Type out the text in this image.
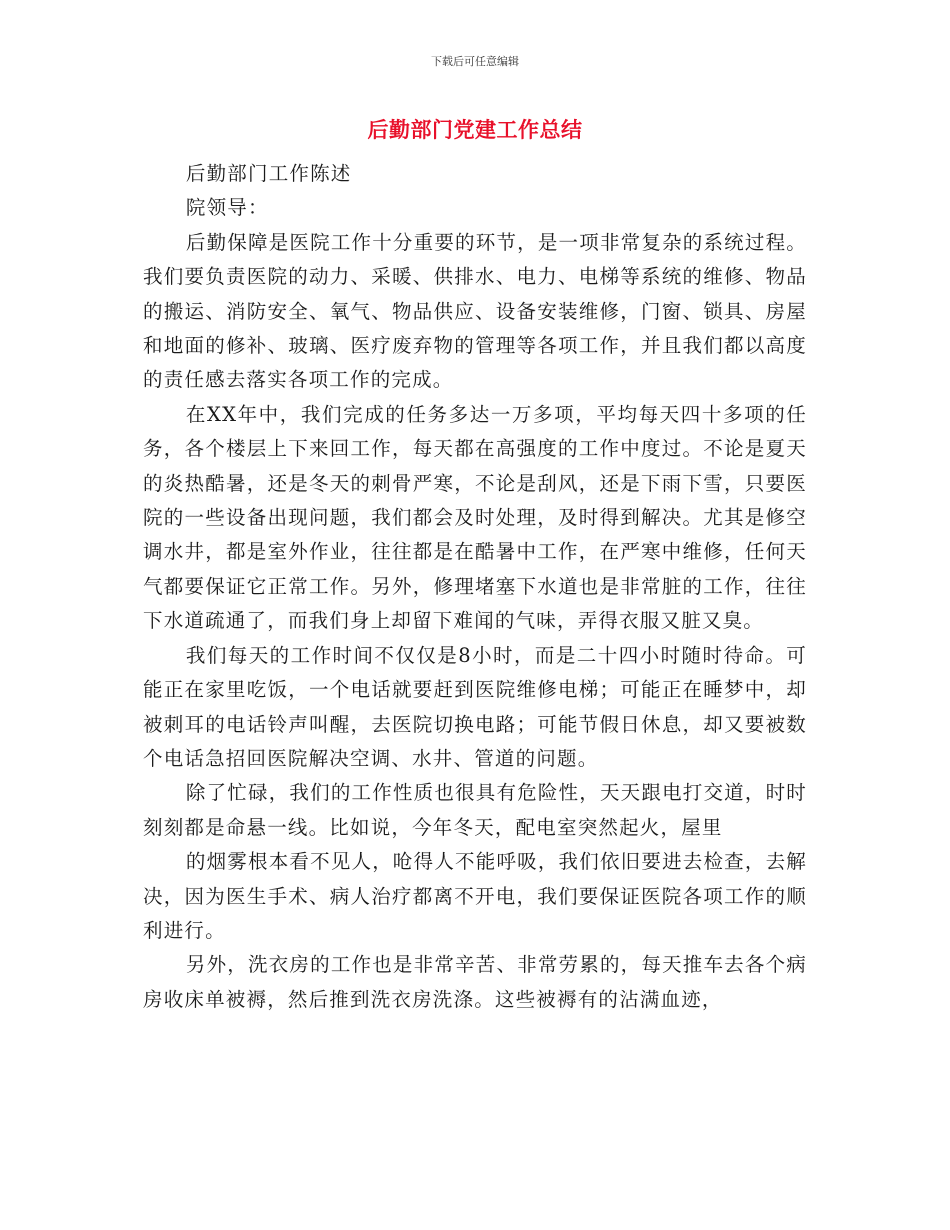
下载后可任意编辑
后勤部门党建工作总结

后勤部门工作陈述

院领导：

后勤保障是医院工作十分重要的环节，是一项非常复杂的系统过程。我们要负责医院的动力、采暖、供排水、电力、电梯等系统的维修、物品的搬运、消防安全、氧气、物品供应、设备安装维修，门窗、锁具、房屋和地面的修补、玻璃、医疗废弃物的管理等各项工作，并且我们都以高度的责任感去落实各项工作的完成。

在XX年中，我们完成的任务多达一万多项，平均每天四十多项的任务，各个楼层上下来回工作，每天都在高强度的工作中度过。不论是夏天的炎热酷暑，还是冬天的刺骨严寒，不论是刮风，还是下雨下雪，只要医院的一些设备出现问题，我们都会及时处理，及时得到解决。尤其是修空调水井，都是室外作业，往往都是在酷暑中工作，在严寒中维修，任何天气都要保证它正常工作。另外，修理堵塞下水道也是非常脏的工作，往往下水道疏通了，而我们身上却留下难闻的气味，弄得衣服又脏又臭。

我们每天的工作时间不仅仅是8小时，而是二十四小时随时待命。可能正在家里吃饭，一个电话就要赶到医院维修电梯；可能正在睡梦中，却被刺耳的电话铃声叫醒，去医院切换电路；可能节假日休息，却又要被数个电话急招回医院解决空调、水井、管道的问题。

除了忙碌，我们的工作性质也很具有危险性，天天跟电打交道，时时刻刻都是命悬一线。比如说，今年冬天，配电室突然起火，屋里

的烟雾根本看不见人，呛得人不能呼吸，我们依旧要进去检查，去解决，因为医生手术、病人治疗都离不开电，我们要保证医院各项工作的顺利进行。

另外，洗衣房的工作也是非常辛苦、非常劳累的，每天推车去各个病房收床单被褥，然后推到洗衣房洗涤。这些被褥有的沾满血迹，
